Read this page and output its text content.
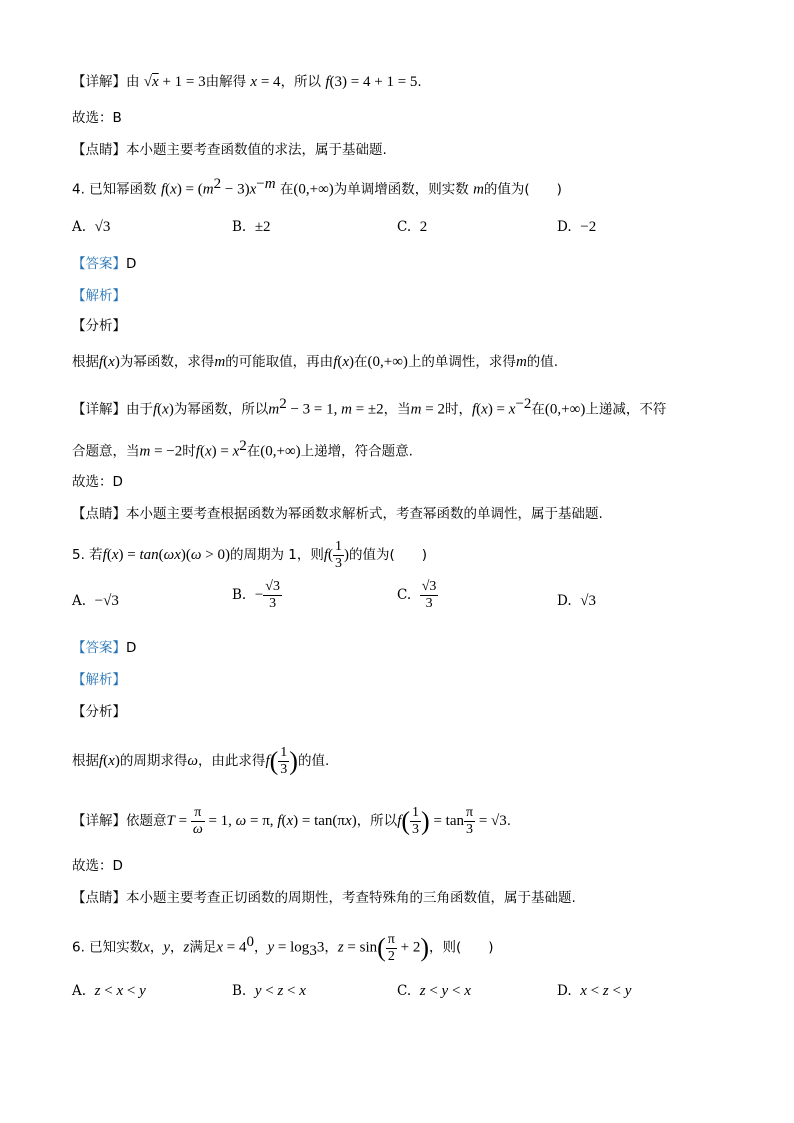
【详解】由 √x + 1 = 3由解得 x = 4，所以 f(3) = 4 + 1 = 5.
故选：B
【点睛】本小题主要考查函数值的求法，属于基础题.
4. 已知幂函数 $f(x) = (m^2 - 3)x^{-m}$ 在(0,+∞)为单调增函数，则实数 m的值为(　　)
A. √3	B. ±2	C. 2	D. −2
【答案】D
【解析】
【分析】
根据f(x)为幂函数，求得m的可能取值，再由f(x)在(0,+∞)上的单调性，求得m的值.
【详解】由于f(x)为幂函数，所以$m^2 - 3 = 1$, m = ±2，当m = 2时，$f(x) = x^{-2}$在(0,+∞)上递减，不符
合题意，当m = −2时$f(x) = x^2$在(0,+∞)上递增，符合题意.
故选：D
【点睛】本小题主要考查根据函数为幂函数求解析式，考查幂函数的单调性，属于基础题.
5. 若f(x) = tan(ωx)(ω > 0)的周期为 1，则$f( \frac{1}{3}$ )的值为(　　)
A. −√3	B. − $\frac{√3}{3}$	C. $\frac{√3}{3}$	D. √3
【答案】D
【解析】
【分析】
根据f(x)的周期求得ω，由此求得$f( \frac{1}{3}$ )的值.
【详解】依题意$T = \frac{\pi}{\omega} = 1$, ω = π, f(x) = tan(πx)，所以$f( \frac{1}{3}$ ) = $\tan \frac{\pi}{3} = √3$.
故选：D
【点睛】本小题主要考查正切函数的周期性，考查特殊角的三角函数值，属于基础题.
6. 已知实数x，y，z满足$x = 4^0$，$y = \log_33$，$z = \sin( \frac{\pi}{2} + 2)$，则(　　)
A. z < x < y	B. y < z < x	C. z < y < x	D. x < z < y
